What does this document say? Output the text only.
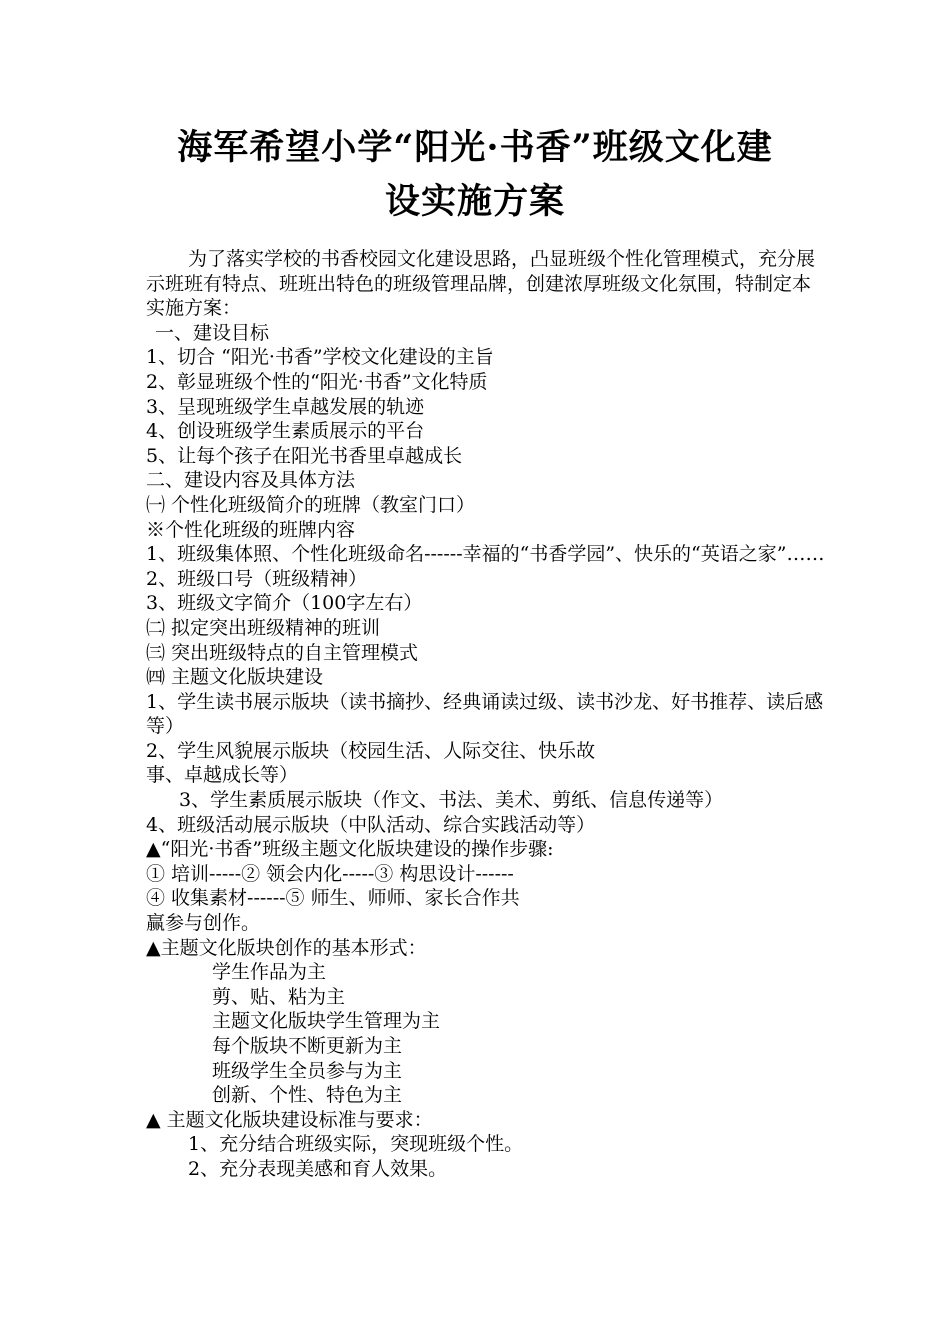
海军希望小学“阳光·书香”班级文化建
设实施方案

为了落实学校的书香校园文化建设思路，凸显班级个性化管理模式，充分展示班班有特点、班班出特色的班级管理品牌，创建浓厚班级文化氛围，特制定本实施方案：

一、建设目标

1、切合 “阳光·书香”学校文化建设的主旨

2、彰显班级个性的“阳光·书香”文化特质

3、呈现班级学生卓越发展的轨迹

4、创设班级学生素质展示的平台

5、让每个孩子在阳光书香里卓越成长

二、建设内容及具体方法

㈠ 个性化班级简介的班牌（教室门口）

※个性化班级的班牌内容

1、班级集体照、个性化班级命名------幸福的“书香学园”、快乐的“英语之家”……

2、班级口号（班级精神）

3、班级文字简介（100字左右）

㈡ 拟定突出班级精神的班训

㈢ 突出班级特点的自主管理模式

㈣ 主题文化版块建设

1、学生读书展示版块（读书摘抄、经典诵读过级、读书沙龙、好书推荐、读后感等）

2、学生风貌展示版块（校园生活、人际交往、快乐故

事、卓越成长等）

3、学生素质展示版块（作文、书法、美术、剪纸、信息传递等）

4、班级活动展示版块（中队活动、综合实践活动等）

▲“阳光·书香”班级主题文化版块建设的操作步骤:

① 培训-----② 领会内化-----③ 构思设计------

④ 收集素材------⑤ 师生、师师、家长合作共

赢参与创作。

▲主题文化版块创作的基本形式：

学生作品为主

剪、贴、粘为主

主题文化版块学生管理为主

每个版块不断更新为主

班级学生全员参与为主

创新、个性、特色为主

▲ 主题文化版块建设标准与要求：

1、充分结合班级实际，突现班级个性。

2、充分表现美感和育人效果。
